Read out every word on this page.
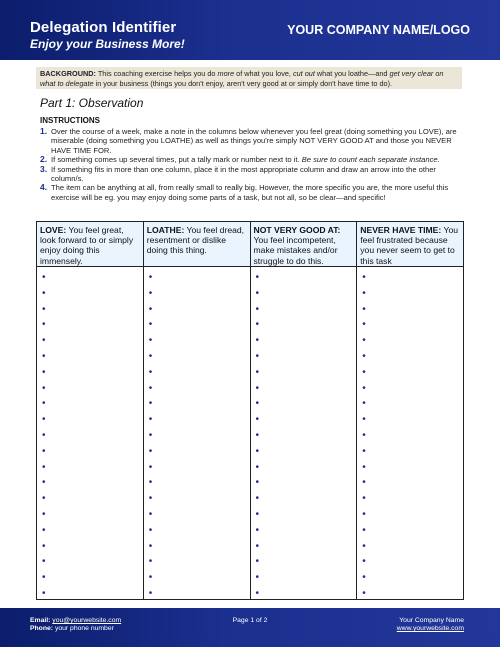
Delegation Identifier
Enjoy your Business More!
YOUR COMPANY NAME/LOGO
BACKGROUND: This coaching exercise helps you do more of what you love, cut out what you loathe—and get very clear on what to delegate in your business (things you don't enjoy, aren't very good at or simply don't have time to do).
Part 1: Observation
INSTRUCTIONS
1. Over the course of a week, make a note in the columns below whenever you feel great (doing something you LOVE), are miserable (doing something you LOATHE) as well as things you're simply NOT VERY GOOD AT and those you NEVER HAVE TIME FOR.
2. If something comes up several times, put a tally mark or number next to it. Be sure to count each separate instance.
3. If something fits in more than one column, place it in the most appropriate column and draw an arrow into the other column/s.
4. The item can be anything at all, from really small to really big. However, the more specific you are, the more useful this exercise will be eg. you may enjoy doing some parts of a task, but not all, so be clear—and specific!
LOVE: You feel great, look forward to or simply enjoy doing this immensely.
•
•
•
•
•
•
•
•
•
•
•
•
•
•
•
•
•
•
•
•
•
LOATHE: You feel dread, resentment or dislike doing this thing.
•
•
•
•
•
•
•
•
•
•
•
•
•
•
•
•
•
•
•
•
•
NOT VERY GOOD AT: You feel incompetent, make mistakes and/or struggle to do this.
•
•
•
•
•
•
•
•
•
•
•
•
•
•
•
•
•
•
•
•
•
NEVER HAVE TIME: You feel frustrated because you never seem to get to this task
•
•
•
•
•
•
•
•
•
•
•
•
•
•
•
•
•
•
•
•
•
Email: you@yourwebsite.com
Phone: your phone number
Page 1 of 2	Your Company Name
www.yourwebsite.com
